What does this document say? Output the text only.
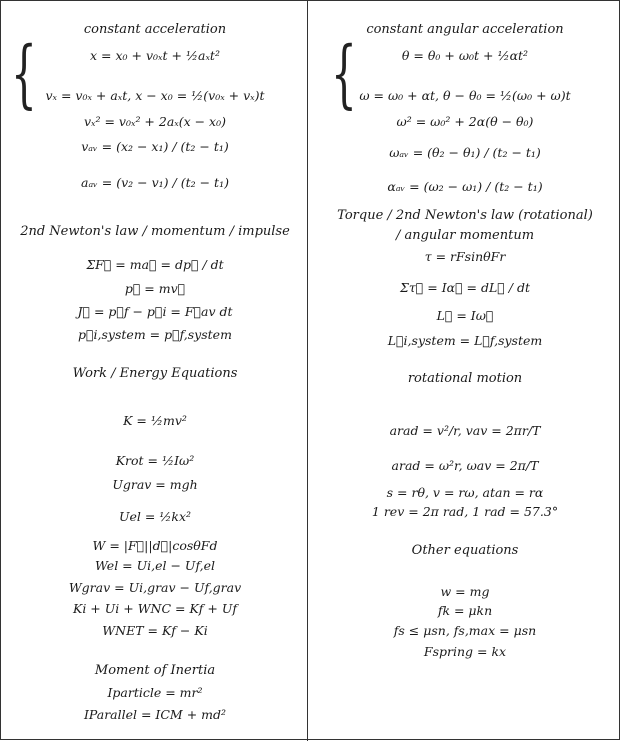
constant acceleration
{	x = x₀ + v₀ₓt + ½aₓt²
vₓ = v₀ₓ + aₓt, x − x₀ = ½(v₀ₓ + vₓ)t
vₓ² = v₀ₓ² + 2aₓ(x − x₀)
vₐᵥ = (x₂ − x₁) / (t₂ − t₁)
aₐᵥ = (v₂ − v₁) / (t₂ − t₁)
2nd Newton's law / momentum / impulse
ΣF⃗ = ma⃗ = dp⃗ / dt
p⃗ = mv⃗
J⃗ = p⃗f − p⃗i = F⃗av dt
p⃗i,system = p⃗f,system
Work / Energy Equations
K = ½mv²
Krot = ½Iω²
Ugrav = mgh
Uel = ½kx²
W = |F⃗||d⃗|cosθFd
Wel = Ui,el − Uf,el
Wgrav = Ui,grav − Uf,grav
Ki + Ui + WNC = Kf + Uf
WNET = Kf − Ki
Moment of Inertia
Iparticle = mr²
IParallel = ICM + md²
constant angular acceleration
{	θ = θ₀ + ω₀t + ½αt²
ω = ω₀ + αt, θ − θ₀ = ½(ω₀ + ω)t
ω² = ω₀² + 2α(θ − θ₀)
ωₐᵥ = (θ₂ − θ₁) / (t₂ − t₁)
αₐᵥ = (ω₂ − ω₁) / (t₂ − t₁)
Torque / 2nd Newton's law (rotational)
/ angular momentum
τ = rFsinθFr
Στ⃗ = Iα⃗ = dL⃗ / dt
L⃗ = Iω⃗
L⃗i,system = L⃗f,system
rotational motion
arad = v²/r, vav = 2πr/T
arad = ω²r, ωav = 2π/T
s = rθ, v = rω, atan = rα
1 rev = 2π rad, 1 rad = 57.3°
Other equations
w = mg
fk = μkn
fs ≤ μsn, fs,max = μsn
Fspring = kx
